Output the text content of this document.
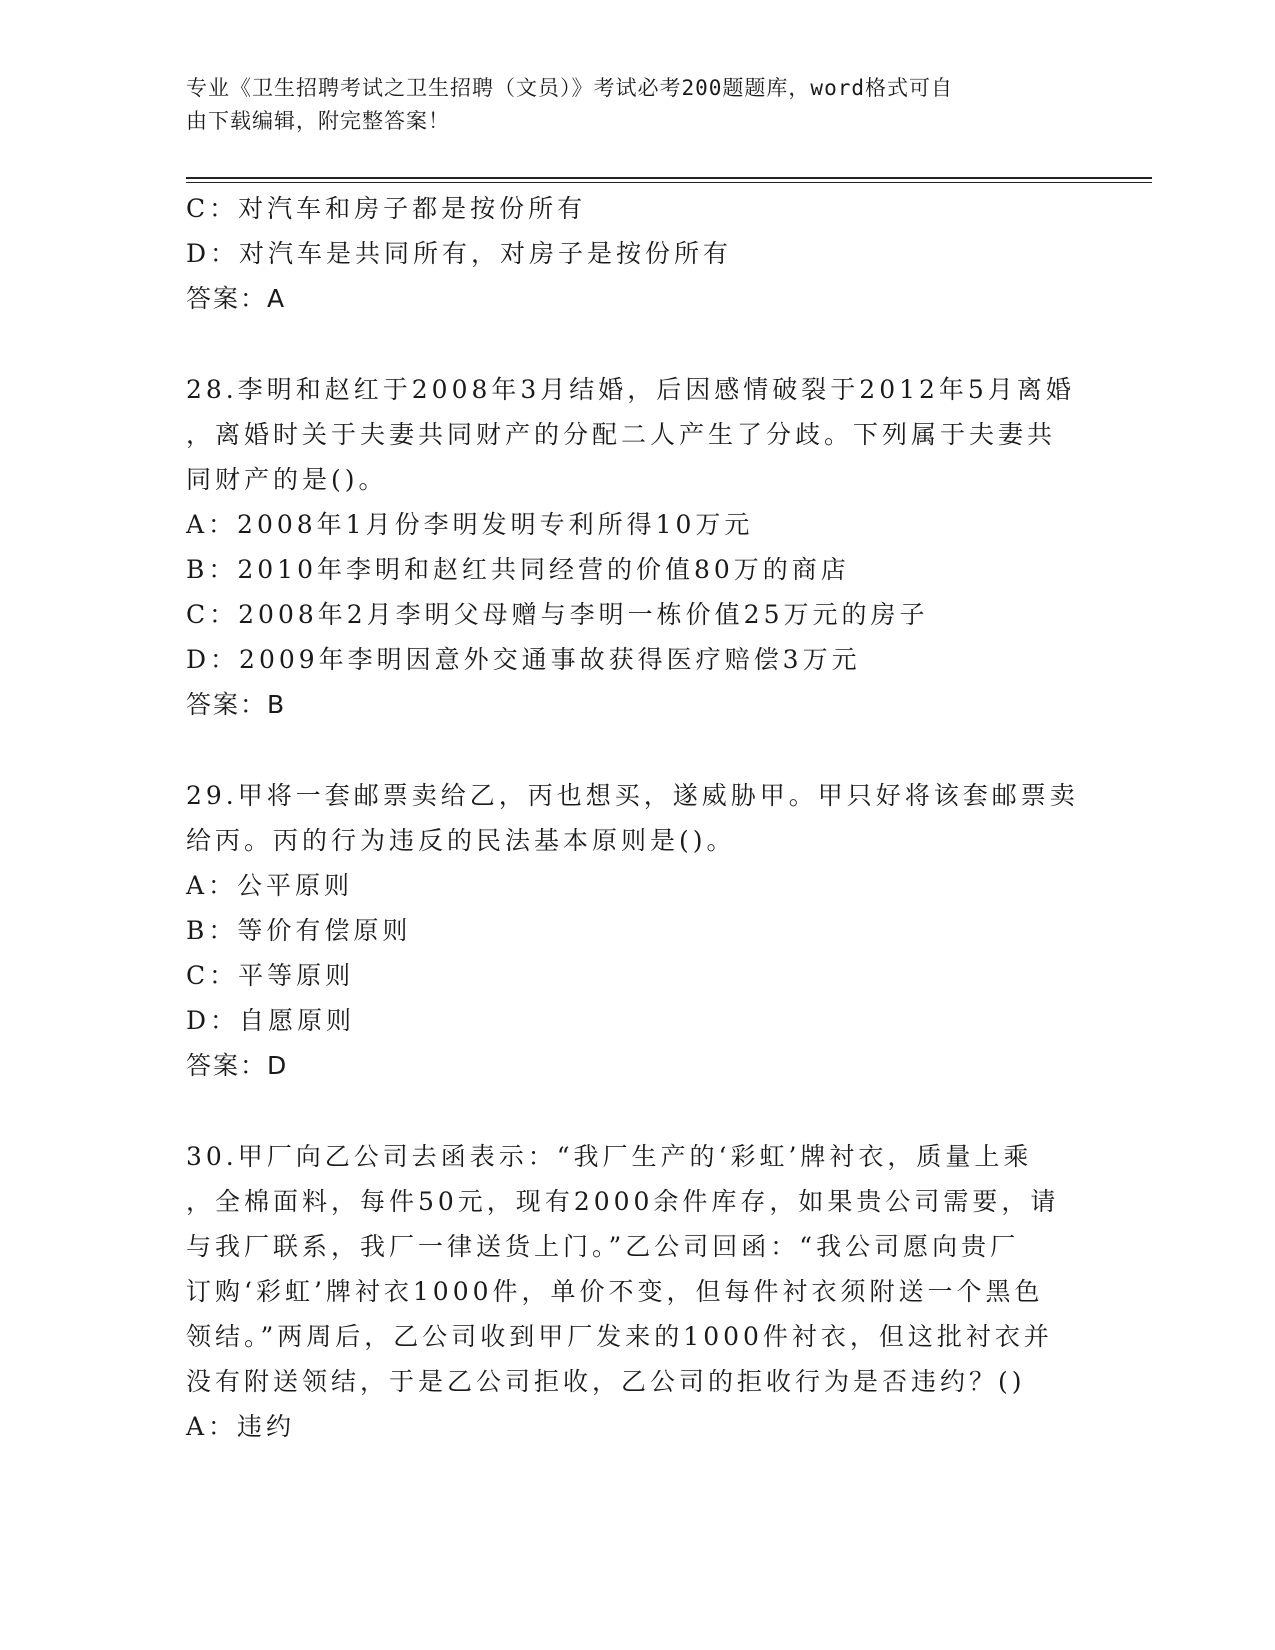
专业《卫生招聘考试之卫生招聘（文员）》考试必考200题题库，word格式可自
由下载编辑，附完整答案！
C：对汽车和房子都是按份所有
D：对汽车是共同所有，对房子是按份所有
答案：A
28.李明和赵红于2008年3月结婚，后因感情破裂于2012年5月离婚
，离婚时关于夫妻共同财产的分配二人产生了分歧。下列属于夫妻共
同财产的是()。
A：2008年1月份李明发明专利所得10万元
B：2010年李明和赵红共同经营的价值80万的商店
C：2008年2月李明父母赠与李明一栋价值25万元的房子
D：2009年李明因意外交通事故获得医疗赔偿3万元
答案：B
29.甲将一套邮票卖给乙，丙也想买，遂威胁甲。甲只好将该套邮票卖
给丙。丙的行为违反的民法基本原则是()。
A：公平原则
B：等价有偿原则
C：平等原则
D：自愿原则
答案：D
30.甲厂向乙公司去函表示：“我厂生产的‘彩虹’牌衬衣，质量上乘
，全棉面料，每件50元，现有2000余件库存，如果贵公司需要，请
与我厂联系，我厂一律送货上门。”乙公司回函：“我公司愿向贵厂
订购‘彩虹’牌衬衣1000件，单价不变，但每件衬衣须附送一个黑色
领结。”两周后，乙公司收到甲厂发来的1000件衬衣，但这批衬衣并
没有附送领结，于是乙公司拒收，乙公司的拒收行为是否违约？()
A：违约
